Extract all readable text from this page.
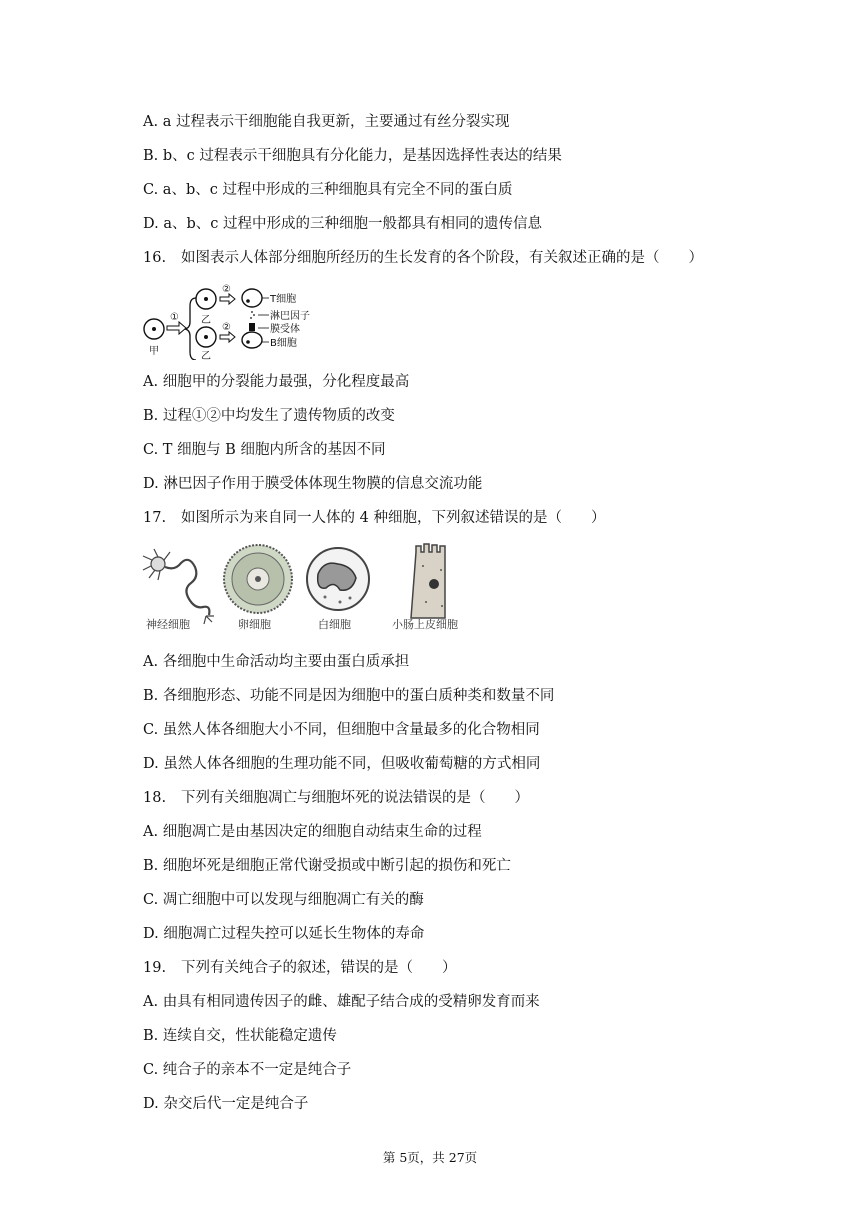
A. a 过程表示干细胞能自我更新，主要通过有丝分裂实现
B. b、c 过程表示干细胞具有分化能力，是基因选择性表达的结果
C. a、b、c 过程中形成的三种细胞具有完全不同的蛋白质
D. a、b、c 过程中形成的三种细胞一般都具有相同的遗传信息
16. 如图表示人体部分细胞所经历的生长发育的各个阶段，有关叙述正确的是（　　）
甲
① 乙
乙
②
②
T细胞
淋巴因子
膜受体
B细胞
A. 细胞甲的分裂能力最强，分化程度最高
B. 过程①②中均发生了遗传物质的改变
C. T 细胞与 B 细胞内所含的基因不同
D. 淋巴因子作用于膜受体体现生物膜的信息交流功能
17. 如图所示为来自同一人体的 4 种细胞，下列叙述错误的是（　　）
神经细胞	卵细胞	白细胞	小肠上皮细胞
A. 各细胞中生命活动均主要由蛋白质承担
B. 各细胞形态、功能不同是因为细胞中的蛋白质种类和数量不同
C. 虽然人体各细胞大小不同，但细胞中含量最多的化合物相同
D. 虽然人体各细胞的生理功能不同，但吸收葡萄糖的方式相同
18. 下列有关细胞凋亡与细胞坏死的说法错误的是（　　）
A. 细胞凋亡是由基因决定的细胞自动结束生命的过程
B. 细胞坏死是细胞正常代谢受损或中断引起的损伤和死亡
C. 凋亡细胞中可以发现与细胞凋亡有关的酶
D. 细胞凋亡过程失控可以延长生物体的寿命
19. 下列有关纯合子的叙述，错误的是（　　）
A. 由具有相同遗传因子的雌、雄配子结合成的受精卵发育而来
B. 连续自交，性状能稳定遗传
C. 纯合子的亲本不一定是纯合子
D. 杂交后代一定是纯合子
第 5页，共 27页
